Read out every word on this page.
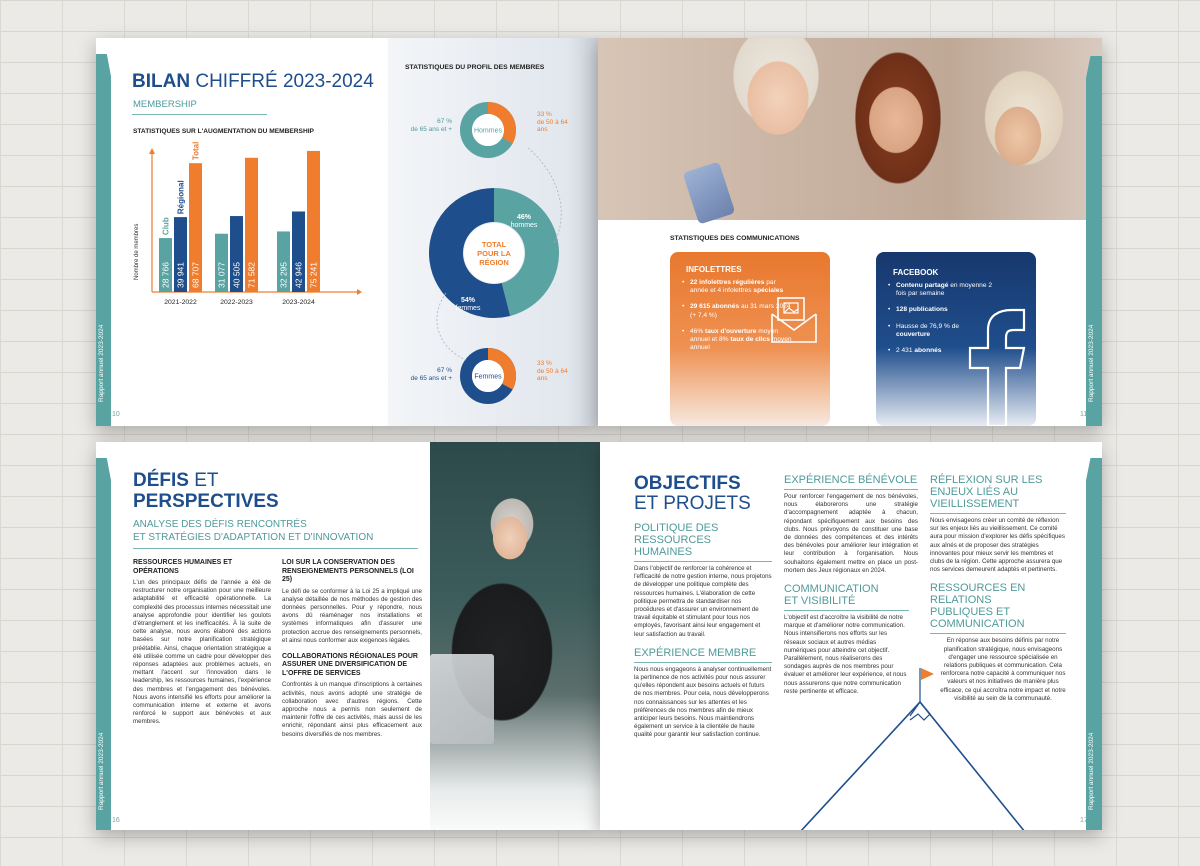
Rapport annuel 2023-2024
10
BILAN CHIFFRÉ 2023-2024
MEMBERSHIP
STATISTIQUES SUR L'AUGMENTATION DU MEMBERSHIP
Nombre de membres
2021-2022
28 766
Club
39 941
Régional
68 707
Total
2022-2023
31 077 40 505 71 582
2023-2024
32 295 42 946 75 241
STATISTIQUES DU PROFIL DES MEMBRES
Hommes
Femmes
TOTAL
POUR LA
RÉGION
46%
hommes
54%
femmes
67 %
de 65 ans et +
33 %
de 50 à 64 ans
67 %
de 65 ans et +
33 %
de 50 à 64 ans	Rapport annuel 2023-2024
11
STATISTIQUES DES COMMUNICATIONS
INFOLETTRES
• 22 infolettres régulières par année et 4 infolettres spéciales
• 29 615 abonnés au 31 mars 2024 (+ 7,4 %)
• 46% taux d'ouverture moyen annuel et 8% taux de clics moyen annuel
FACEBOOK
• Contenu partagé en moyenne 2 fois par semaine
• 128 publications
• Hausse de 76,9 % de couverture
• 2 431 abonnés
Rapport annuel 2023-2024
16
DÉFIS ET
PERSPECTIVES
ANALYSE DES DÉFIS RENCONTRÉS
ET STRATÉGIES D'ADAPTATION ET D'INNOVATION
RESSOURCES HUMAINES ET OPÉRATIONS
L'un des principaux défis de l'année a été de restructurer notre organisation pour une meilleure adaptabilité et efficacité opérationnelle. La complexité des processus internes nécessitait une analyse approfondie pour identifier les goulots d'étranglement et les inefficacités. À la suite de cette analyse, nous avons élaboré des actions basées sur notre planification stratégique préétablie. Ainsi, chaque orientation stratégique a été utilisée comme un cadre pour développer des réponses adaptées aux problèmes actuels, en mettant l'accent sur l'innovation dans le leadership, les ressources humaines, l'expérience des membres et l'engagement des bénévoles. Nous avons intensifié les efforts pour améliorer la communication interne et externe et avons renforcé le support aux bénévoles et aux membres.
LOI SUR LA CONSERVATION DES RENSEIGNEMENTS PERSONNELS (LOI 25)
Le défi de se conformer à la Loi 25 a impliqué une analyse détaillée de nos méthodes de gestion des données personnelles. Pour y répondre, nous avons dû réaménager nos installations et systèmes informatiques afin d'assurer une protection accrue des renseignements personnels, et ainsi nous conformer aux exigences légales.
COLLABORATIONS RÉGIONALES POUR ASSURER UNE DIVERSIFICATION DE L'OFFRE DE SERVICES
Confrontés à un manque d'inscriptions à certaines activités, nous avons adopté une stratégie de collaboration avec d'autres régions. Cette approche nous a permis non seulement de maintenir l'offre de ces activités, mais aussi de les enrichir, répondant ainsi plus efficacement aux besoins diversifiés de nos membres.	Rapport annuel 2023-2024
17
OBJECTIFS
ET PROJETS
POLITIQUE DES RESSOURCES HUMAINES
Dans l'objectif de renforcer la cohérence et l'efficacité de notre gestion interne, nous projetons de développer une politique complète des ressources humaines. L'élaboration de cette politique permettra de standardiser nos procédures et d'assurer un environnement de travail équitable et stimulant pour tous nos employés, favorisant ainsi leur engagement et leur satisfaction au travail.
EXPÉRIENCE MEMBRE
Nous nous engageons à analyser continuellement la pertinence de nos activités pour nous assurer qu'elles répondent aux besoins actuels et futurs de nos membres. Pour cela, nous développerons nos connaissances sur les attentes et les préférences de nos membres afin de mieux anticiper leurs besoins. Nous maintiendrons également un service à la clientèle de haute qualité pour garantir leur satisfaction continue.
EXPÉRIENCE BÉNÉVOLE
Pour renforcer l'engagement de nos bénévoles, nous élaborerons une stratégie d'accompagnement adaptée à chacun, répondant spécifiquement aux besoins des clubs. Nous prévoyons de constituer une base de données des compétences et des intérêts des bénévoles pour améliorer leur intégration et leur contribution à l'organisation. Nous souhaitons également mettre en place un post-mortem des Jeux régionaux en 2024.
COMMUNICATION ET VISIBILITÉ
L'objectif est d'accroître la visibilité de notre marque et d'améliorer notre communication. Nous intensifierons nos efforts sur les réseaux sociaux et autres médias numériques pour atteindre cet objectif. Parallèlement, nous réaliserons des sondages auprès de nos membres pour évaluer et améliorer leur expérience, et nous nous assurerons que notre communication reste pertinente et efficace.
RÉFLEXION SUR LES ENJEUX LIÉS AU VIEILLISSEMENT
Nous envisageons créer un comité de réflexion sur les enjeux liés au vieillissement. Ce comité aura pour mission d'explorer les défis spécifiques aux aînés et de proposer des stratégies innovantes pour mieux servir les membres et clubs de la région. Cette approche assurera que nos services demeurent adaptés et pertinents.
RESSOURCES EN RELATIONS PUBLIQUES ET COMMUNICATION
En réponse aux besoins définis par notre planification stratégique, nous envisageons d'engager une ressource spécialisée en relations publiques et communication. Cela renforcera notre capacité à communiquer nos valeurs et nos initiatives de manière plus efficace, ce qui accroîtra notre impact et notre visibilité au sein de la communauté.
